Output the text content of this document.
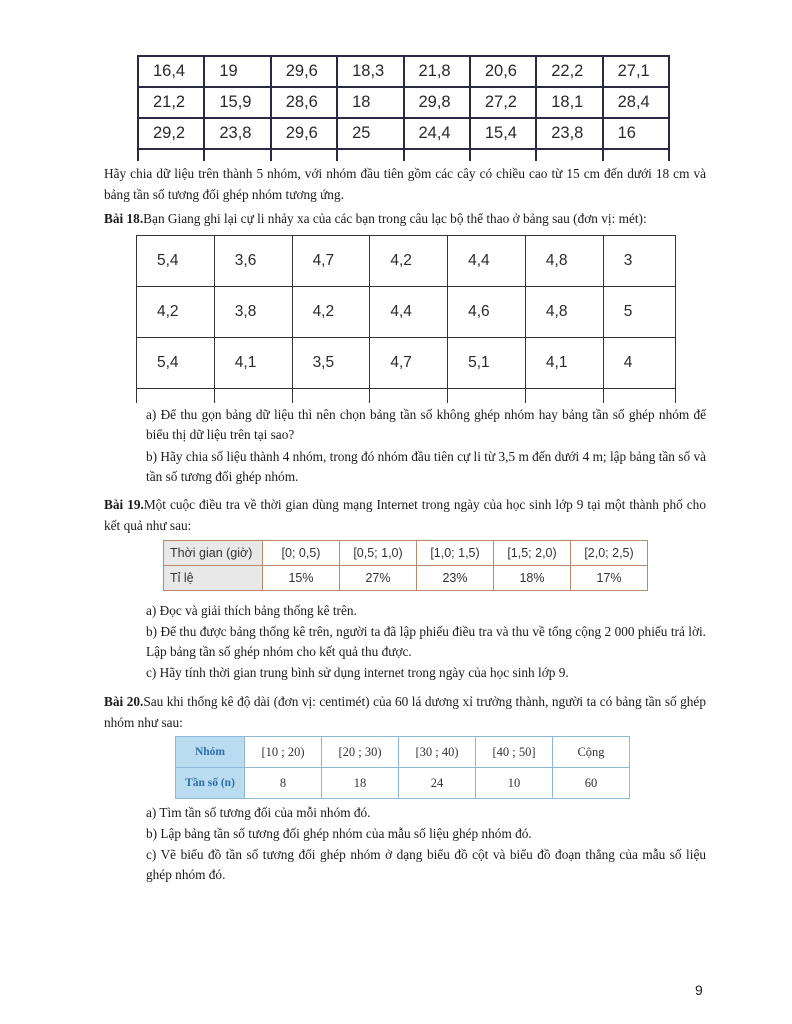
16,4	19	29,6	18,3	21,8	20,6	22,2	27,1
21,2	15,9	28,6	18	29,8	27,2	18,1	28,4
29,2	23,8	29,6	25	24,4	15,4	23,8	16

Hãy chia dữ liệu trên thành 5 nhóm, với nhóm đầu tiên gồm các cây có chiều cao từ 15 cm đến dưới 18 cm và bảng tần số tương đối ghép nhóm tương ứng.
Bài 18.Bạn Giang ghi lại cự li nhảy xa của các bạn trong câu lạc bộ thể thao ở bảng sau (đơn vị: mét):
5,4	3,6	4,7	4,2	4,4	4,8	3
4,2	3,8	4,2	4,4	4,6	4,8	5
5,4	4,1	3,5	4,7	5,1	4,1	4

a) Để thu gọn bảng dữ liệu thì nên chọn bảng tần số không ghép nhóm hay bảng tần số ghép nhóm để biểu thị dữ liệu trên tại sao?
b) Hãy chia số liệu thành 4 nhóm, trong đó nhóm đầu tiên cự li từ 3,5 m đến dưới 4 m; lập bảng tần số và tần số tương đối ghép nhóm.
Bài 19.Một cuộc điều tra về thời gian dùng mạng Internet trong ngày của học sinh lớp 9 tại một thành phố cho kết quả như sau:
Thời gian (giờ)	[0; 0,5)	[0,5; 1,0)	[1,0; 1,5)	[1,5; 2,0)	[2,0; 2,5)
Tỉ lệ	15%	27%	23%	18%	17%
a) Đọc và giải thích bảng thống kê trên.
b) Để thu được bảng thống kê trên, người ta đã lập phiếu điều tra và thu về tổng cộng 2 000 phiếu trả lời. Lập bảng tần số ghép nhóm cho kết quả thu được.
c) Hãy tính thời gian trung bình sử dụng internet trong ngày của học sinh lớp 9.
Bài 20.Sau khi thống kê độ dài (đơn vị: centimét) của 60 lá dương xỉ trưởng thành, người ta có bảng tần số ghép nhóm như sau:
Nhóm	[10 ; 20)	[20 ; 30)	[30 ; 40)	[40 ; 50]	Cộng
Tần số (n)	8	18	24	10	60
a) Tìm tần số tương đối của mỗi nhóm đó.
b) Lập bảng tần số tương đối ghép nhóm của mẫu số liệu ghép nhóm đó.
c) Vẽ biểu đồ tần số tương đối ghép nhóm ở dạng biểu đồ cột và biểu đồ đoạn thẳng của mẫu số liệu ghép nhóm đó.
9
